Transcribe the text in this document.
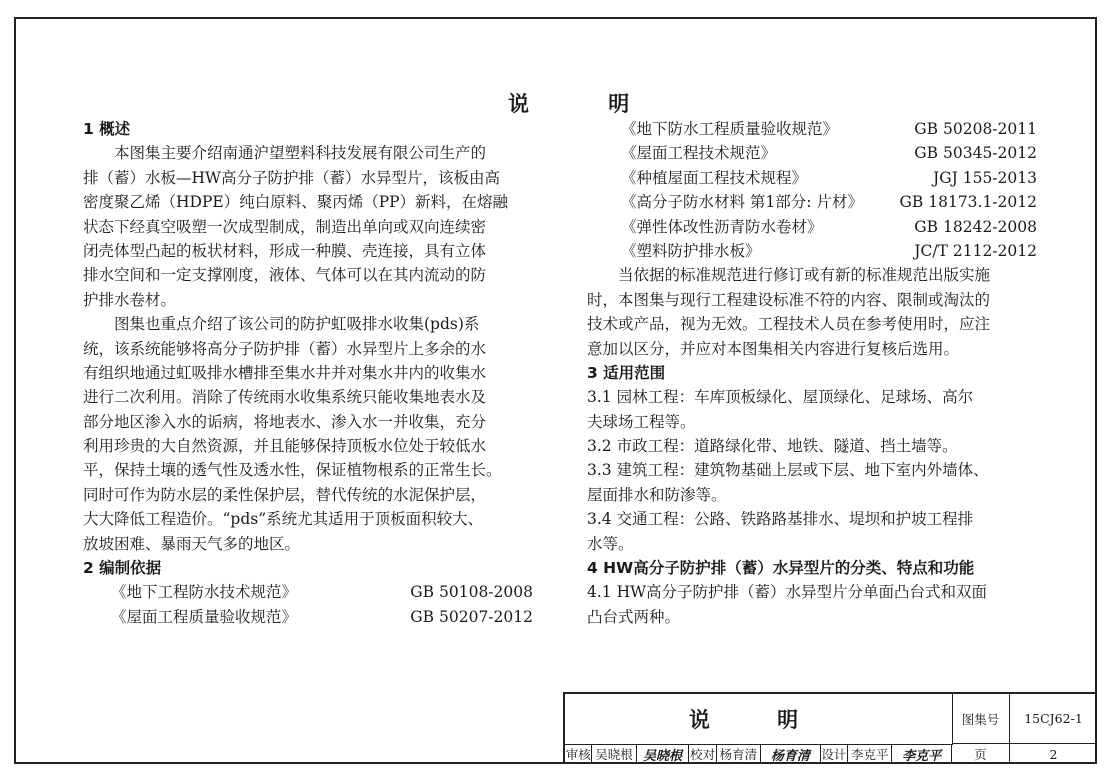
说 明
1 概述
本图集主要介绍南通沪望塑料科技发展有限公司生产的
排（蓄）水板—HW高分子防护排（蓄）水异型片，该板由高
密度聚乙烯（HDPE）纯白原料、聚丙烯（PP）新料，在熔融
状态下经真空吸塑一次成型制成，制造出单向或双向连续密
闭壳体型凸起的板状材料，形成一种膜、壳连接，具有立体
排水空间和一定支撑刚度，液体、气体可以在其内流动的防
护排水卷材。
图集也重点介绍了该公司的防护虹吸排水收集(pds)系
统，该系统能够将高分子防护排（蓄）水异型片上多余的水
有组织地通过虹吸排水槽排至集水井并对集水井内的收集水
进行二次利用。消除了传统雨水收集系统只能收集地表水及
部分地区渗入水的诟病，将地表水、渗入水一并收集，充分
利用珍贵的大自然资源，并且能够保持顶板水位处于较低水
平，保持土壤的透气性及透水性，保证植物根系的正常生长。
同时可作为防水层的柔性保护层，替代传统的水泥保护层，
大大降低工程造价。“pds”系统尤其适用于顶板面积较大、
放坡困难、暴雨天气多的地区。
2 编制依据
《地下工程防水技术规范》	GB 50108-2008
《屋面工程质量验收规范》	GB 50207-2012
《地下防水工程质量验收规范》	GB 50208-2011
《屋面工程技术规范》	GB 50345-2012
《种植屋面工程技术规程》	JGJ 155-2013
《高分子防水材料 第1部分: 片材》 GB 18173.1-2012
《弹性体改性沥青防水卷材》	GB 18242-2008
《塑料防护排水板》	JC/T 2112-2012
当依据的标准规范进行修订或有新的标准规范出版实施
时，本图集与现行工程建设标准不符的内容、限制或淘汰的
技术或产品，视为无效。工程技术人员在参考使用时，应注
意加以区分，并应对本图集相关内容进行复核后选用。
3 适用范围
3.1 园林工程：车库顶板绿化、屋顶绿化、足球场、高尔
夫球场工程等。
3.2 市政工程：道路绿化带、地铁、隧道、挡土墙等。
3.3 建筑工程：建筑物基础上层或下层、地下室内外墙体、
屋面排水和防渗等。
3.4 交通工程：公路、铁路路基排水、堤坝和护坡工程排
水等。
4 HW高分子防护排（蓄）水异型片的分类、特点和功能
4.1 HW高分子防护排（蓄）水异型片分单面凸台式和双面
凸台式两种。
说 明	图集号	15CJ62-1
审核 吴晓根 吴晓根 校对 杨育清	杨育清 设计 李克平	李克平	页	2
